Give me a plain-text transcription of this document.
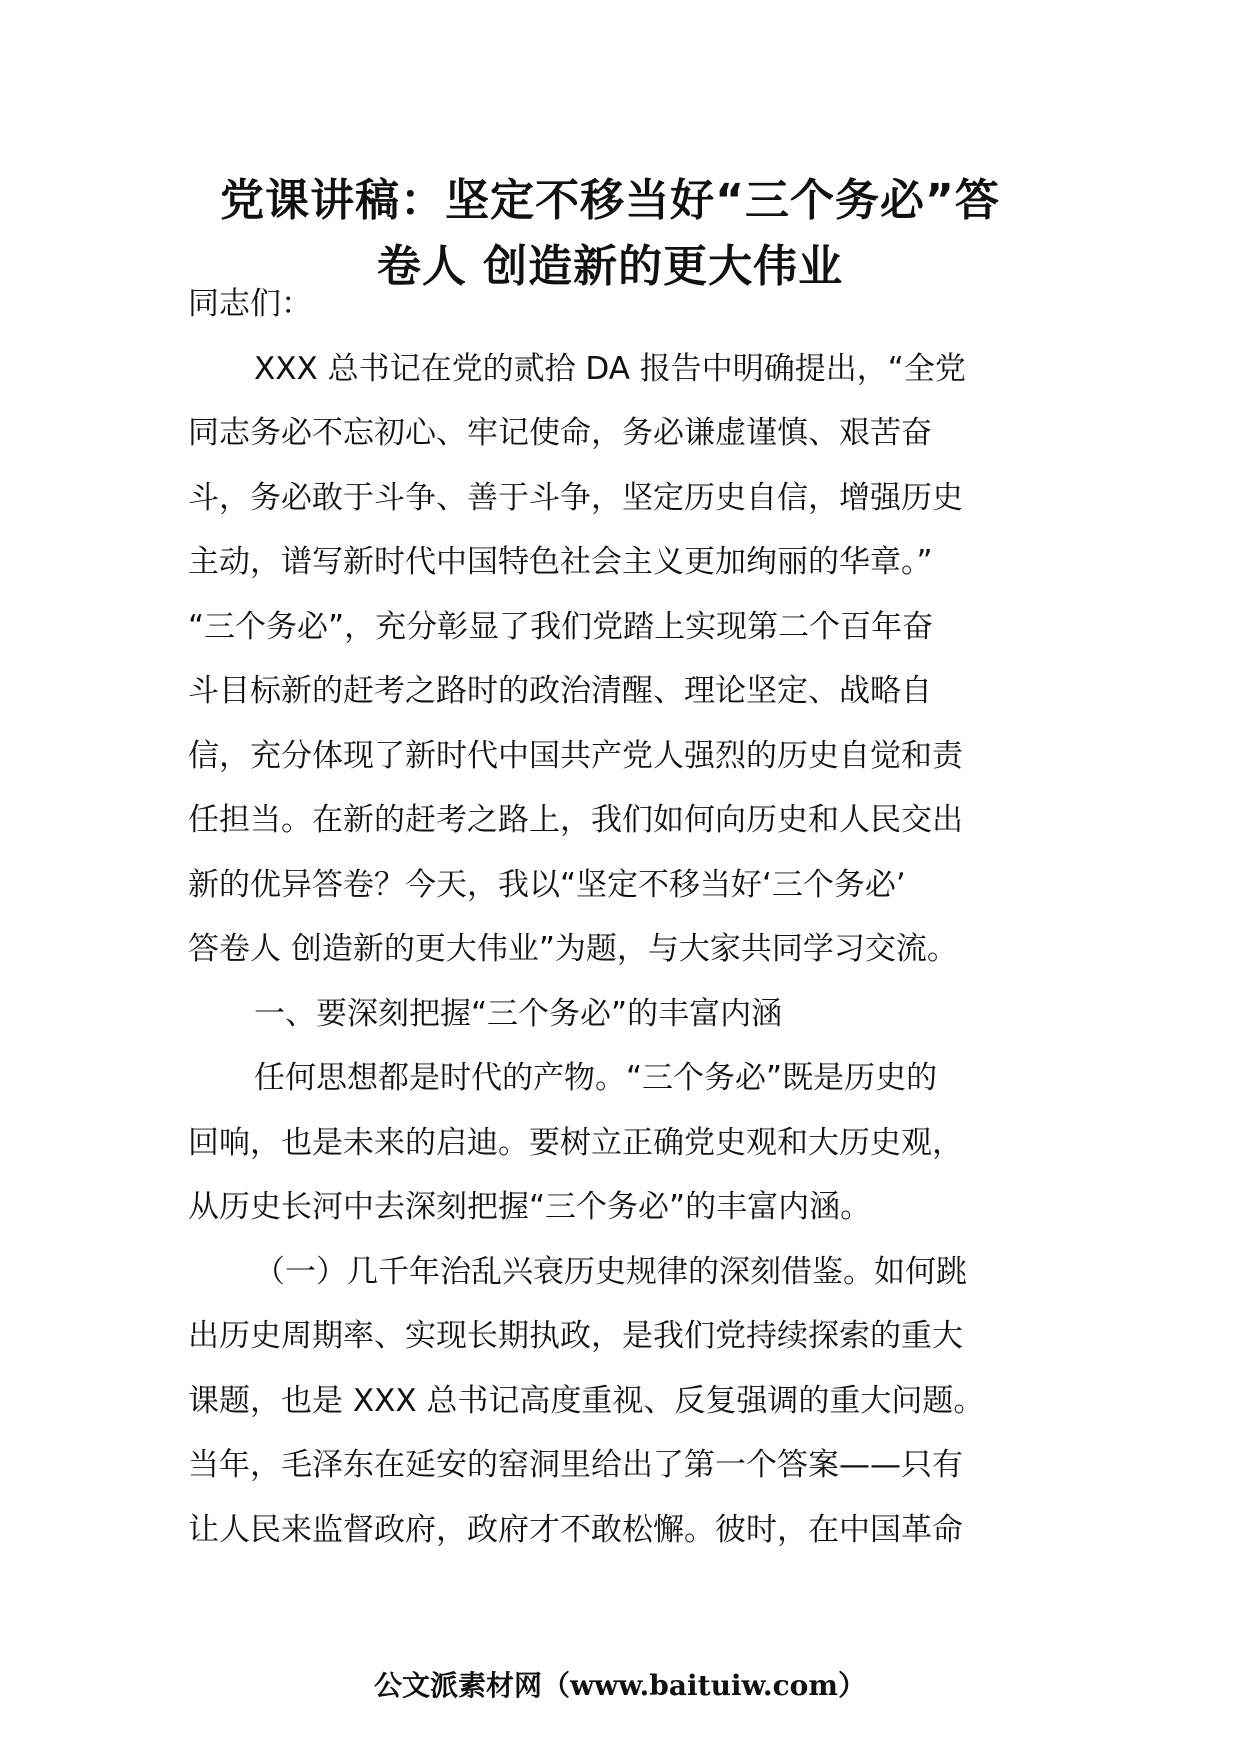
党课讲稿：坚定不移当好“三个务必”答
卷人 创造新的更大伟业
同志们：
XXX 总书记在党的贰拾 DA 报告中明确提出，“全党
同志务必不忘初心、牢记使命，务必谦虚谨慎、艰苦奋
斗，务必敢于斗争、善于斗争，坚定历史自信，增强历史
主动，谱写新时代中国特色社会主义更加绚丽的华章。”
“三个务必”，充分彰显了我们党踏上实现第二个百年奋
斗目标新的赶考之路时的政治清醒、理论坚定、战略自
信，充分体现了新时代中国共产党人强烈的历史自觉和责
任担当。在新的赶考之路上，我们如何向历史和人民交出
新的优异答卷？今天，我以“坚定不移当好‘三个务必’
答卷人 创造新的更大伟业”为题，与大家共同学习交流。
一、要深刻把握“三个务必”的丰富内涵
任何思想都是时代的产物。“三个务必”既是历史的
回响，也是未来的启迪。要树立正确党史观和大历史观，
从历史长河中去深刻把握“三个务必”的丰富内涵。
（一）几千年治乱兴衰历史规律的深刻借鉴。如何跳
出历史周期率、实现长期执政，是我们党持续探索的重大
课题，也是 XXX 总书记高度重视、反复强调的重大问题。
当年，毛泽东在延安的窑洞里给出了第一个答案——只有
让人民来监督政府，政府才不敢松懈。彼时，在中国革命
公文派素材网（www.baituiw.com）
